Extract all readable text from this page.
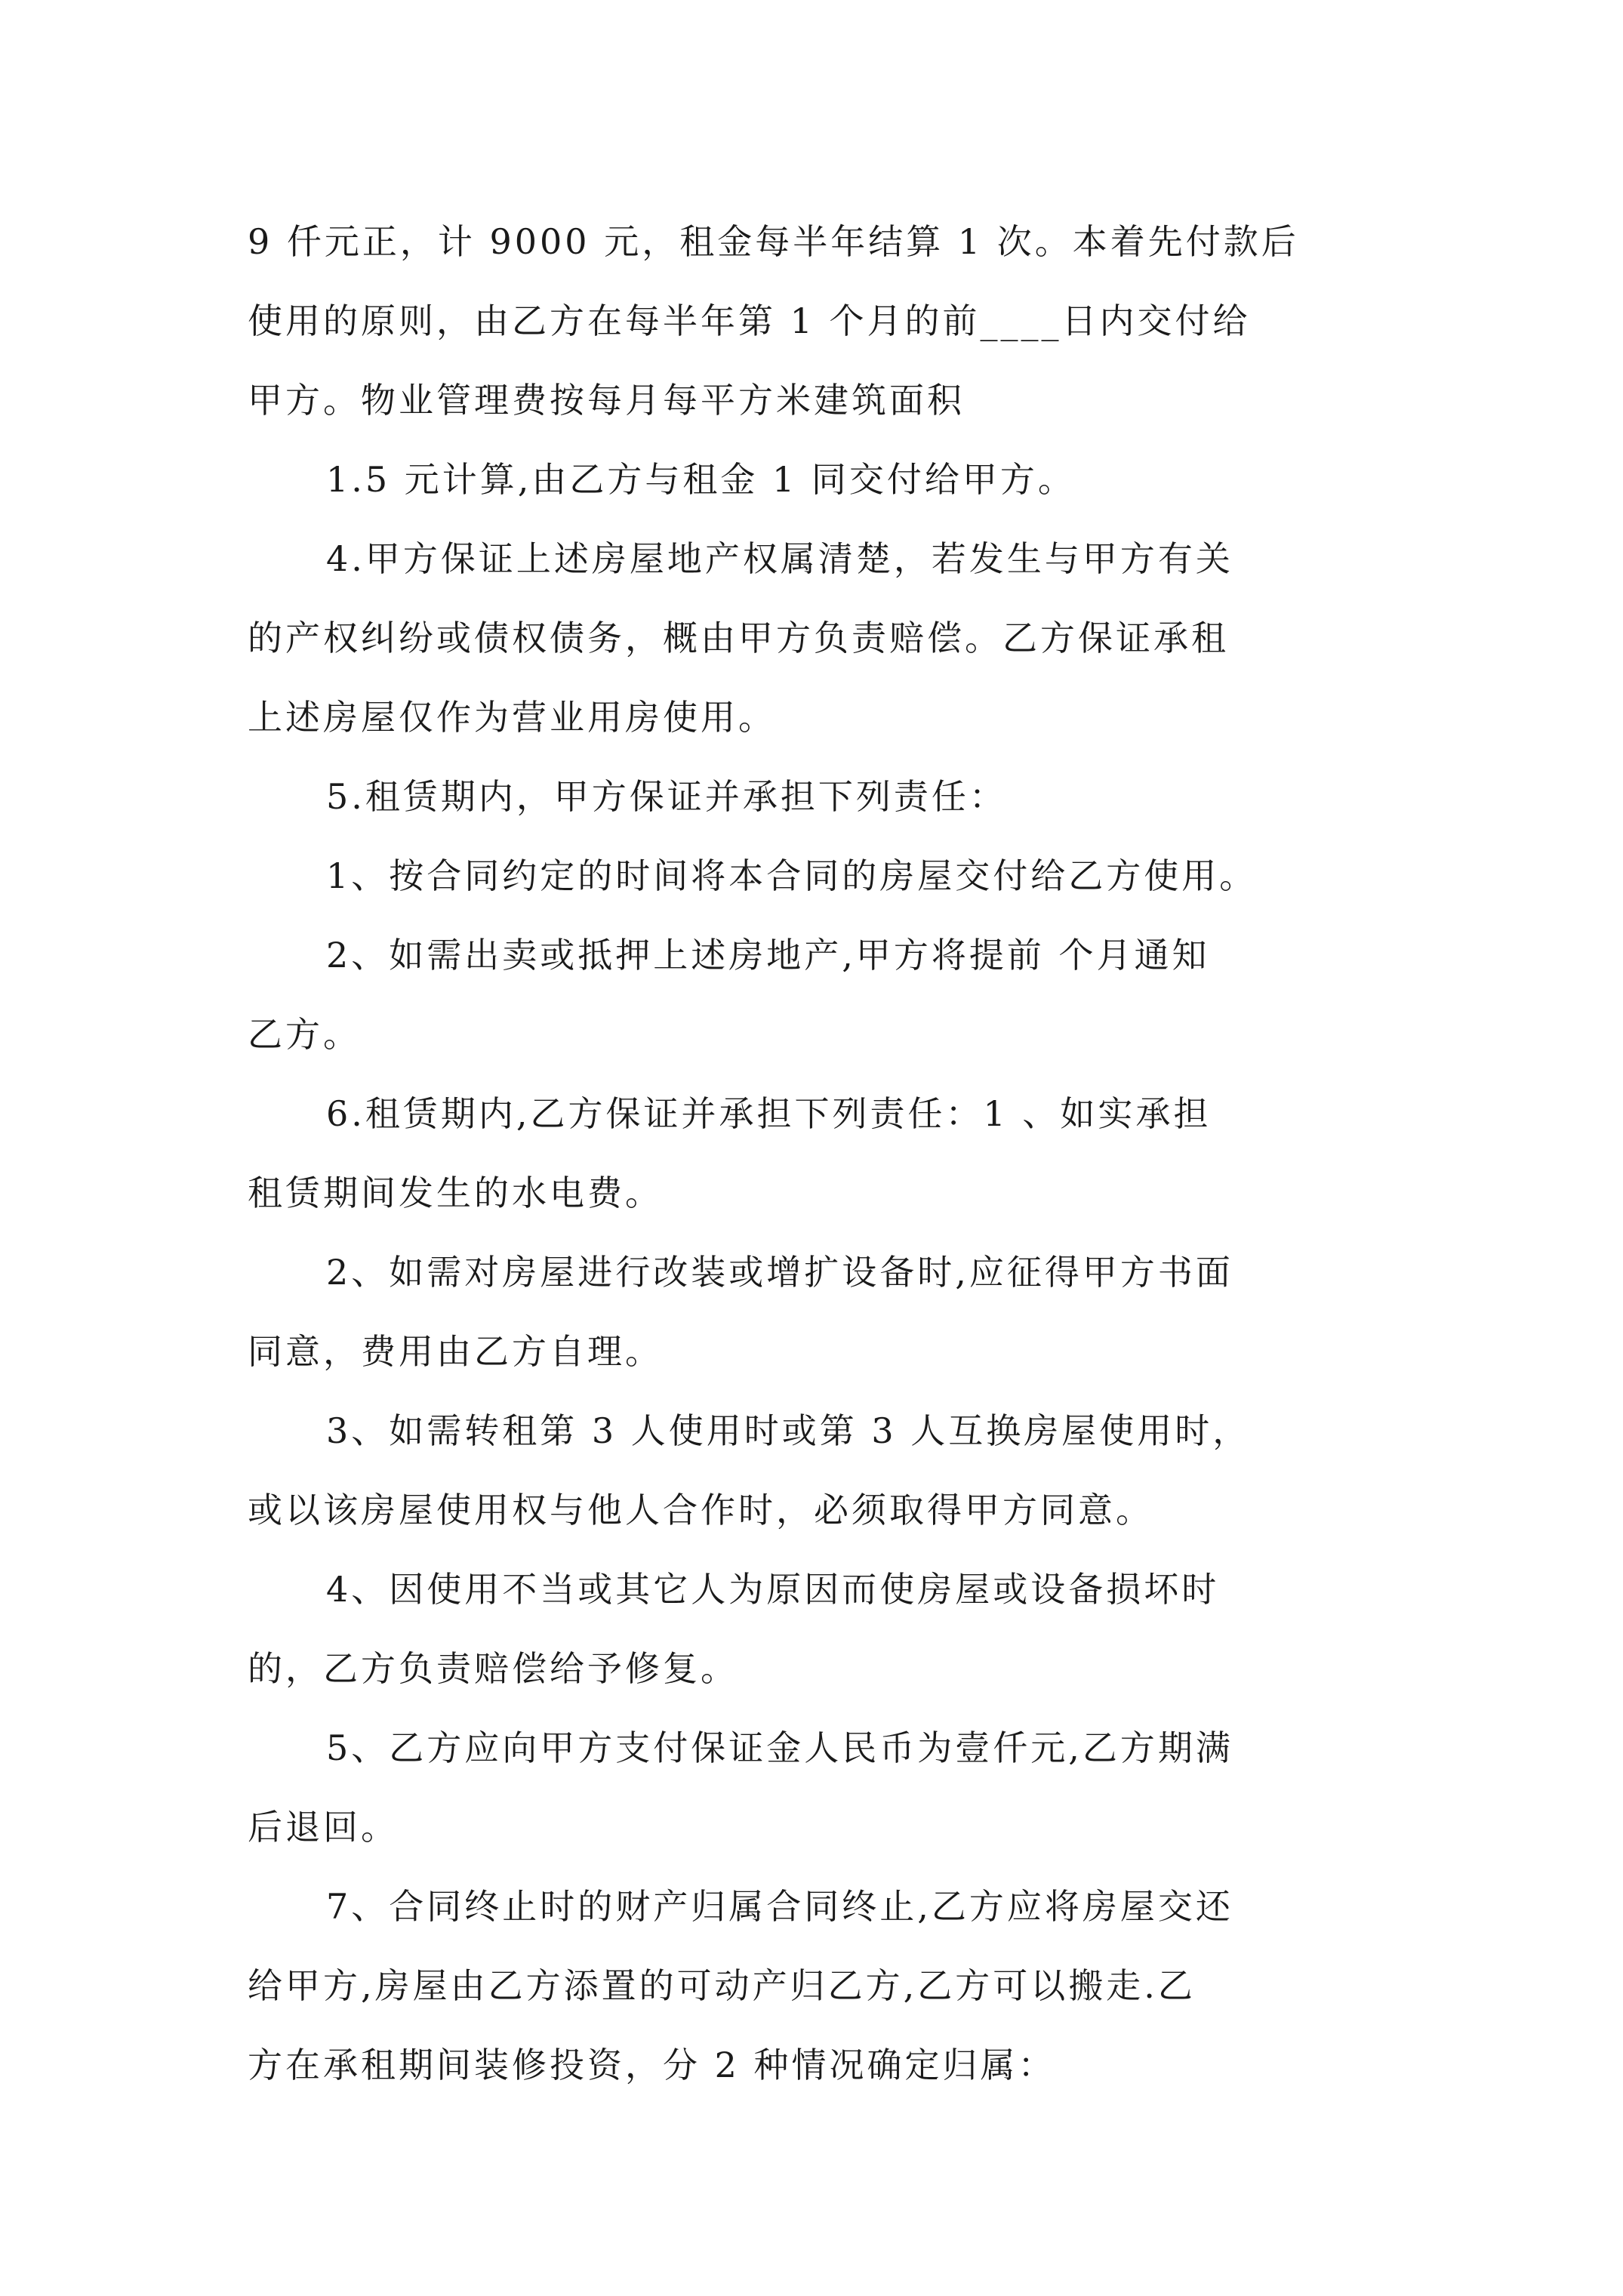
9 仟元正，计 9000 元，租金每半年结算 1 次。本着先付款后
使用的原则，由乙方在每半年第 1 个月的前____日内交付给
甲方。物业管理费按每月每平方米建筑面积
1.5 元计算,由乙方与租金 1 同交付给甲方。
4.甲方保证上述房屋地产权属清楚，若发生与甲方有关
的产权纠纷或债权债务，概由甲方负责赔偿。乙方保证承租
上述房屋仅作为营业用房使用。
5.租赁期内，甲方保证并承担下列责任：
1、按合同约定的时间将本合同的房屋交付给乙方使用。
2、如需出卖或抵押上述房地产,甲方将提前 个月通知
乙方。
6.租赁期内,乙方保证并承担下列责任：1 、如实承担
租赁期间发生的水电费。
2、如需对房屋进行改装或增扩设备时,应征得甲方书面
同意，费用由乙方自理。
3、如需转租第 3 人使用时或第 3 人互换房屋使用时，
或以该房屋使用权与他人合作时，必须取得甲方同意。
4、因使用不当或其它人为原因而使房屋或设备损坏时
的，乙方负责赔偿给予修复。
5、乙方应向甲方支付保证金人民币为壹仟元,乙方期满
后退回。
7、合同终止时的财产归属合同终止,乙方应将房屋交还
给甲方,房屋由乙方添置的可动产归乙方,乙方可以搬走.乙
方在承租期间装修投资，分 2 种情况确定归属：
